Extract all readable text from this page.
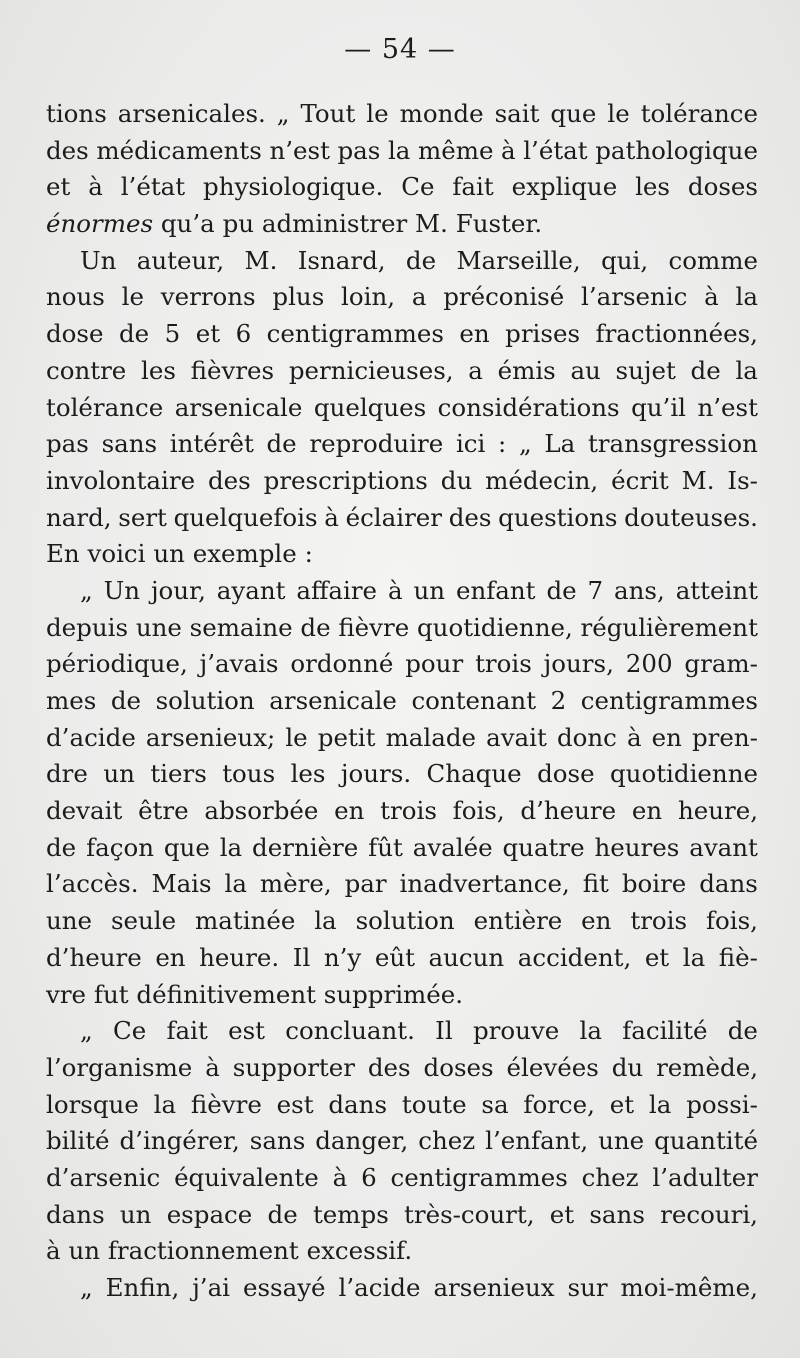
— 54 —
tions arsenicales. „ Tout le monde sait que le tolérance
des médicaments n’est pas la même à l’état pathologique
et à l’état physiologique. Ce fait explique les doses
énormes qu’a pu administrer M. Fuster.
Un auteur, M. Isnard, de Marseille, qui, comme
nous le verrons plus loin, a préconisé l’arsenic à la
dose de 5 et 6 centigrammes en prises fractionnées,
contre les fièvres pernicieuses, a émis au sujet de la
tolérance arsenicale quelques considérations qu’il n’est
pas sans intérêt de reproduire ici : „ La transgression
involontaire des prescriptions du médecin, écrit M. Is-
nard, sert quelquefois à éclairer des questions douteuses.
En voici un exemple :
„ Un jour, ayant affaire à un enfant de 7 ans, atteint
depuis une semaine de fièvre quotidienne, régulièrement
périodique, j’avais ordonné pour trois jours, 200 gram-
mes de solution arsenicale contenant 2 centigrammes
d’acide arsenieux; le petit malade avait donc à en pren-
dre un tiers tous les jours. Chaque dose quotidienne
devait être absorbée en trois fois, d’heure en heure,
de façon que la dernière fût avalée quatre heures avant
l’accès. Mais la mère, par inadvertance, fit boire dans
une seule matinée la solution entière en trois fois,
d’heure en heure. Il n’y eût aucun accident, et la fiè-
vre fut définitivement supprimée.
„ Ce fait est concluant. Il prouve la facilité de
l’organisme à supporter des doses élevées du remède,
lorsque la fièvre est dans toute sa force, et la possi-
bilité d’ingérer, sans danger, chez l’enfant, une quantité
d’arsenic équivalente à 6 centigrammes chez l’adulter
dans un espace de temps très-court, et sans recouri,
à un fractionnement excessif.
„ Enfin, j’ai essayé l’acide arsenieux sur moi-même,
